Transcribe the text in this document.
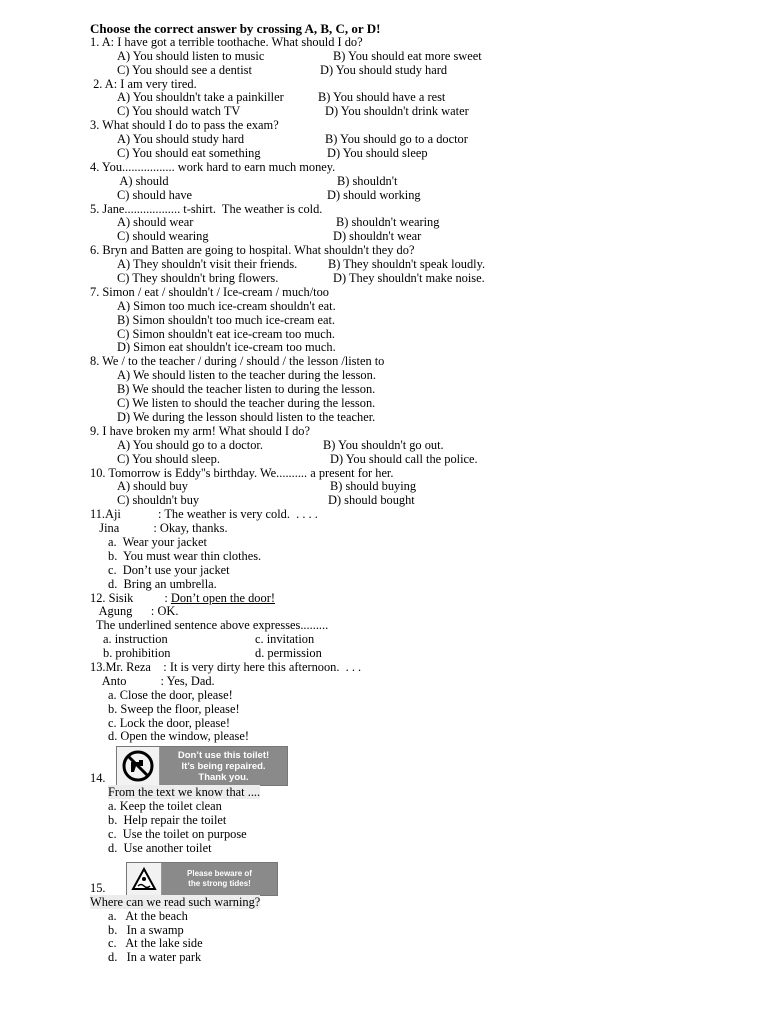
Choose the correct answer by crossing A, B, C, or D!
1. A: I have got a terrible toothache. What should I do?
A) You should listen to music	B) You should eat more sweet
C) You should see a dentist	D) You should study hard
2. A: I am very tired.
A) You shouldn't take a painkiller	B) You should have a rest
C) You should watch TV	D) You shouldn't drink water
3. What should I do to pass the exam?
A) You should study hard	B) You should go to a doctor
C) You should eat something	D) You should sleep
4. You................. work hard to earn much money.
A) should	B) shouldn't
C) should have	D) should working
5. Jane.................. t-shirt.  The weather is cold.
A) should wear	B) shouldn't wearing
C) should wearing	D) shouldn't wear
6. Bryn and Batten are going to hospital. What shouldn't they do?
A) They shouldn't visit their friends.	B) They shouldn't speak loudly.
C) They shouldn't bring flowers.	D) They shouldn't make noise.
7. Simon / eat / shouldn't / Ice-cream / much/too
A) Simon too much ice-cream shouldn't eat.
B) Simon shouldn't too much ice-cream eat.
C) Simon shouldn't eat ice-cream too much.
D) Simon eat shouldn't ice-cream too much.
8. We / to the teacher / during / should / the lesson /listen to
A) We should listen to the teacher during the lesson.
B) We should the teacher listen to during the lesson.
C) We listen to should the teacher during the lesson.
D) We during the lesson should listen to the teacher.
9. I have broken my arm! What should I do?
A) You should go to a doctor.	B) You shouldn't go out.
C) You should sleep.	D) You should call the police.
10. Tomorrow is Eddy''s birthday. We.......... a present for her.
A) should buy	B) should buying
C) shouldn't buy	D) should bought
11.Aji            : The weather is very cold.  . . . .
Jina           : Okay, thanks.
a.  Wear your jacket
b.  You must wear thin clothes.
c.  Don’t use your jacket
d.  Bring an umbrella.
12. Sisik          : Don’t open the door!
Agung      : OK.
The underlined sentence above expresses.........
a. instruction	c. invitation
b. prohibition	d. permission
13.Mr. Reza    : It is very dirty here this afternoon.  . . .
Anto           : Yes, Dad.
a. Close the door, please!
b. Sweep the floor, please!
c. Lock the door, please!
d. Open the window, please!
14.
Don’t use this toilet!
It’s being repaired.
Thank you.
From the text we know that ....
a. Keep the toilet clean
b.  Help repair the toilet
c.  Use the toilet on purpose
d.  Use another toilet
15.
Please beware of
the strong tides!
Where can we read such warning?
a.   At the beach
b.   In a swamp
c.   At the lake side
d.   In a water park
